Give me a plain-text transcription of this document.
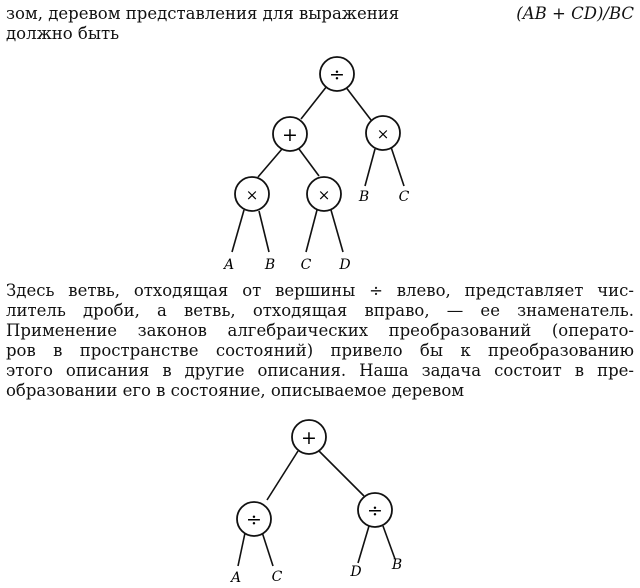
зом, деревом представления для выражения	(AB + CD)/BC
должно быть
÷
+	×
×	×
A B C D
B C
Здесь ветвь, отходящая от вершины ÷ влево, представляет чис-
литель дроби, а ветвь, отходящая вправо, — ее знаменатель.
Применение законов алгебраических преобразований (операто-
ров в пространстве состояний) привело бы к преобразованию
этого описания в другие описания. Наша задача состоит в пре-
образовании его в состояние, описываемое деревом
+
÷	÷
A C	D B
